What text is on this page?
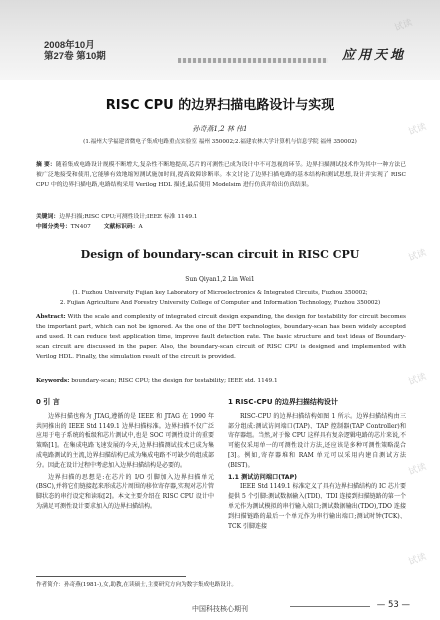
2008年10月
第27卷 第10期	应用天地
试读
试读
试读
试读
试读
试读
RISC CPU 的边界扫描电路设计与实现
孙奇燕1,2 林 伟1
(1.福州大学福建省微电子集成电路重点实验室 福州 350002;2.福建农林大学计算机与信息学院 福州 350002)
摘 要：随着集成电路设计规模不断增大,复杂性不断地提高,芯片的可测性已成为设计中不可忽视的环节。边界扫描测试技术作为其中一种方法已被广泛地接受和使用,它能够有效地缩短测试施加时间,提高故障诊断率。本文讨论了边界扫描电路的基本结构和测试思想,设计并实现了 RISC CPU 中的边界扫描电路,电路结构采用 Verilog HDL 描述,最后使用 Modelsim 进行仿真并给出仿真结果。
关键词：边界扫描;RISC CPU;可测性设计;IEEE 标准 1149.1
中图分类号：TN407 文献标识码：A
Design of boundary-scan circuit in RISC CPU
Sun Qiyan1,2 Lin Wei1
(1. Fuzhou University Fujian key Laboratory of Microelectronics & Integrated Circuits, Fuzhou 350002;
2. Fujian Agriculture And Forestry University College of Computer and Information Technology, Fuzhou 350002)
Abstract: With the scale and complexity of integrated circuit design expanding, the design for testability for circuit becomes the important part, which can not be ignored. As the one of the DFT technologies, boundary-scan has been widely accepted and used. It can reduce test application time, improve fault detection rate. The basic structure and test ideas of Boundary-scan circuit are discussed in the paper. Also, the boundary-scan circuit of RISC CPU is designed and implemented with Verilog HDL. Finally, the simulation result of the circuit is provided.
Keywords: boundary-scan; RISC CPU; the design for testability; IEEE std. 1149.1
0 引 言

边界扫描也称为 JTAG,遵循的是 IEEE 和 JTAG 在 1990 年共同推出的 IEEE Std 1149.1 边界扫描标准。边界扫描不仅广泛应用于电子系统的板级和芯片测试中,也是 SOC 可测性设计的重要策略[1]。在集成电路飞速发展的今天,边界扫描测试技术已成为集成电路测试的主流,边界扫描结构已成为集成电路不可缺少的组成部分。因此在设计过程中考虑加入边界扫描结构是必要的。

边界扫描的思想是:在芯片的 I/O 引脚加入边界扫描单元(BSC),并将它们链接起来形成芯片周围的移位寄存器,实现对芯片管脚状态的串行设定和读取[2]。本文主要介绍在 RISC CPU 设计中为满足可测性设计要求加入的边界扫描结构。

1 RISC-CPU 的边界扫描结构设计

RISC-CPU 的边界扫描结构如图 1 所示。边界扫描结构由三部分组成:测试访问端口(TAP)、TAP 控制器(TAP Controller)和寄存器组。当然,对于像 CPU 这样具有复杂逻辑电路的芯片来说,不可能仅采用单一的可测性设计方法,还应该是多种可测性策略混合[3]。例如,寄存器堆和 RAM 单元可以采用内建自测试方法(BIST)。

1.1 测试访问端口(TAP)

IEEE Std 1149.1 标准定义了具有边界扫描结构的 IC 芯片要提供 5 个引脚:测试数据输入(TDI)、TDI 连接到扫描链路的第一个单元作为测试模拟的串行输入端口;测试数据输出(TDO),TDO 连接到扫描链路的最后一个单元作为串行输出端口;测试时钟(TCK)、TCK 引脚连接

作者简介：孙奇燕(1981-),女,助教,在读硕士,主要研究方向为数字集成电路设计。
中国科技核心期刊	— 53 —
